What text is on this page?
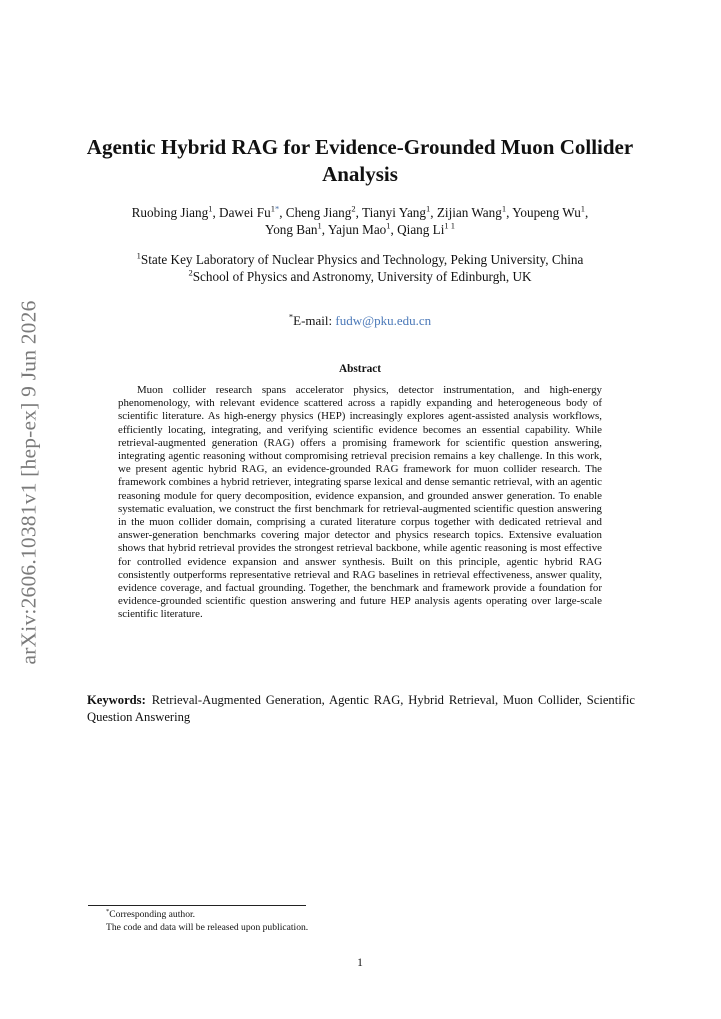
arXiv:2606.10381v1 [hep-ex] 9 Jun 2026
Agentic Hybrid RAG for Evidence-Grounded Muon Collider Analysis
Ruobing Jiang$^1$, Dawei $Fu^{1*}$, Cheng Jiang$^2$, Tianyi Yang$^1$, Zijian Wang$^1$, Youpeng Wu$^1$,
Yong Ban$^1$, Yajun Mao$^1$, Qiang $Li^{1 1}$
$^1$State Key Laboratory of Nuclear Physics and Technology, Peking University, China
$^2$School of Physics and Astronomy, University of Edinburgh, UK
*E-mail: fudw@pku.edu.cn
Abstract
Muon collider research spans accelerator physics, detector instrumentation, and high-energy phenomenology, with relevant evidence scattered across a rapidly expanding and heterogeneous body of scientific literature. As high-energy physics (HEP) increasingly explores agent-assisted analysis workflows, efficiently locating, integrating, and verifying scientific evidence becomes an essential capability. While retrieval-augmented generation (RAG) offers a promising framework for scientific question answering, integrating agentic reasoning without compromising retrieval precision remains a key challenge. In this work, we present agentic hybrid RAG, an evidence-grounded RAG framework for muon collider research. The framework combines a hybrid retriever, integrating sparse lexical and dense semantic retrieval, with an agentic reasoning module for query decomposition, evidence expansion, and grounded answer generation. To enable systematic evaluation, we construct the first benchmark for retrieval-augmented scientific question answering in the muon collider domain, comprising a curated literature corpus together with dedicated retrieval and answer-generation benchmarks covering major detector and physics research topics. Extensive evaluation shows that hybrid retrieval provides the strongest retrieval backbone, while agentic reasoning is most effective for controlled evidence expansion and answer synthesis. Built on this principle, agentic hybrid RAG consistently outperforms representative retrieval and RAG baselines in retrieval effectiveness, answer quality, evidence coverage, and factual grounding. Together, the benchmark and framework provide a foundation for evidence-grounded scientific question answering and future HEP analysis agents operating over large-scale scientific literature.
Keywords: Retrieval-Augmented Generation, Agentic RAG, Hybrid Retrieval, Muon Collider, Scientific Question Answering
*Corresponding author.
The code and data will be released upon publication.
1
